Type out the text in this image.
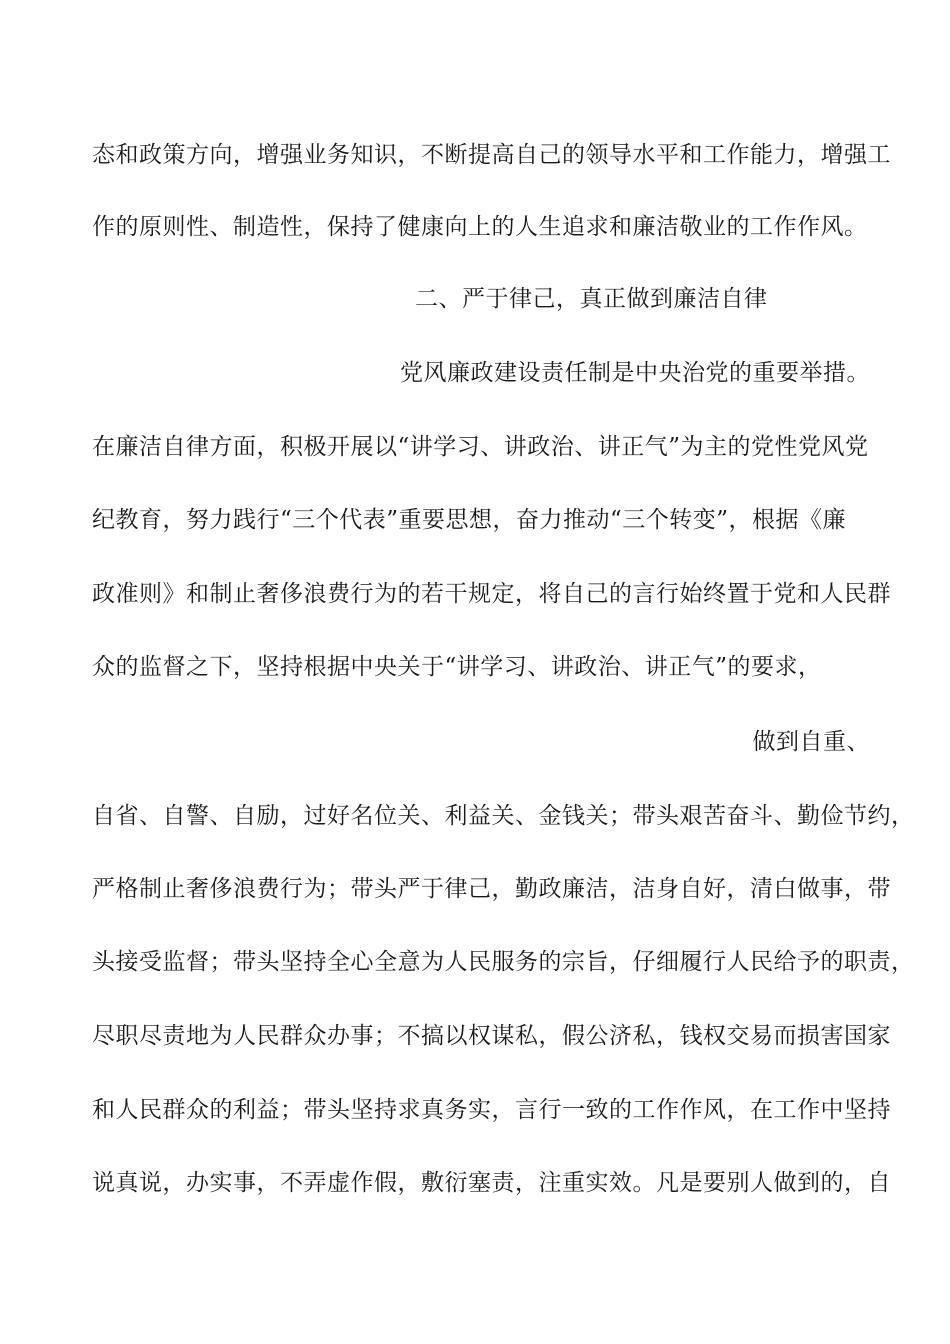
态和政策方向，增强业务知识，不断提高自己的领导水平和工作能力，增强工

作的原则性、制造性，保持了健康向上的人生追求和廉洁敬业的工作作风。

二、严于律己，真正做到廉洁自律

党风廉政建设责任制是中央治党的重要举措。

在廉洁自律方面，积极开展以“讲学习、讲政治、讲正气”为主的党性党风党

纪教育，努力践行“三个代表”重要思想，奋力推动“三个转变”，根据《廉

政准则》和制止奢侈浪费行为的若干规定，将自己的言行始终置于党和人民群

众的监督之下，坚持根据中央关于“讲学习、讲政治、讲正气”的要求，

做到自重、

自省、自警、自励，过好名位关、利益关、金钱关；带头艰苦奋斗、勤俭节约，

严格制止奢侈浪费行为；带头严于律己，勤政廉洁，洁身自好，清白做事，带

头接受监督；带头坚持全心全意为人民服务的宗旨，仔细履行人民给予的职责，

尽职尽责地为人民群众办事；不搞以权谋私，假公济私，钱权交易而损害国家

和人民群众的利益；带头坚持求真务实，言行一致的工作作风，在工作中坚持

说真说，办实事，不弄虚作假，敷衍塞责，注重实效。凡是要别人做到的，自
